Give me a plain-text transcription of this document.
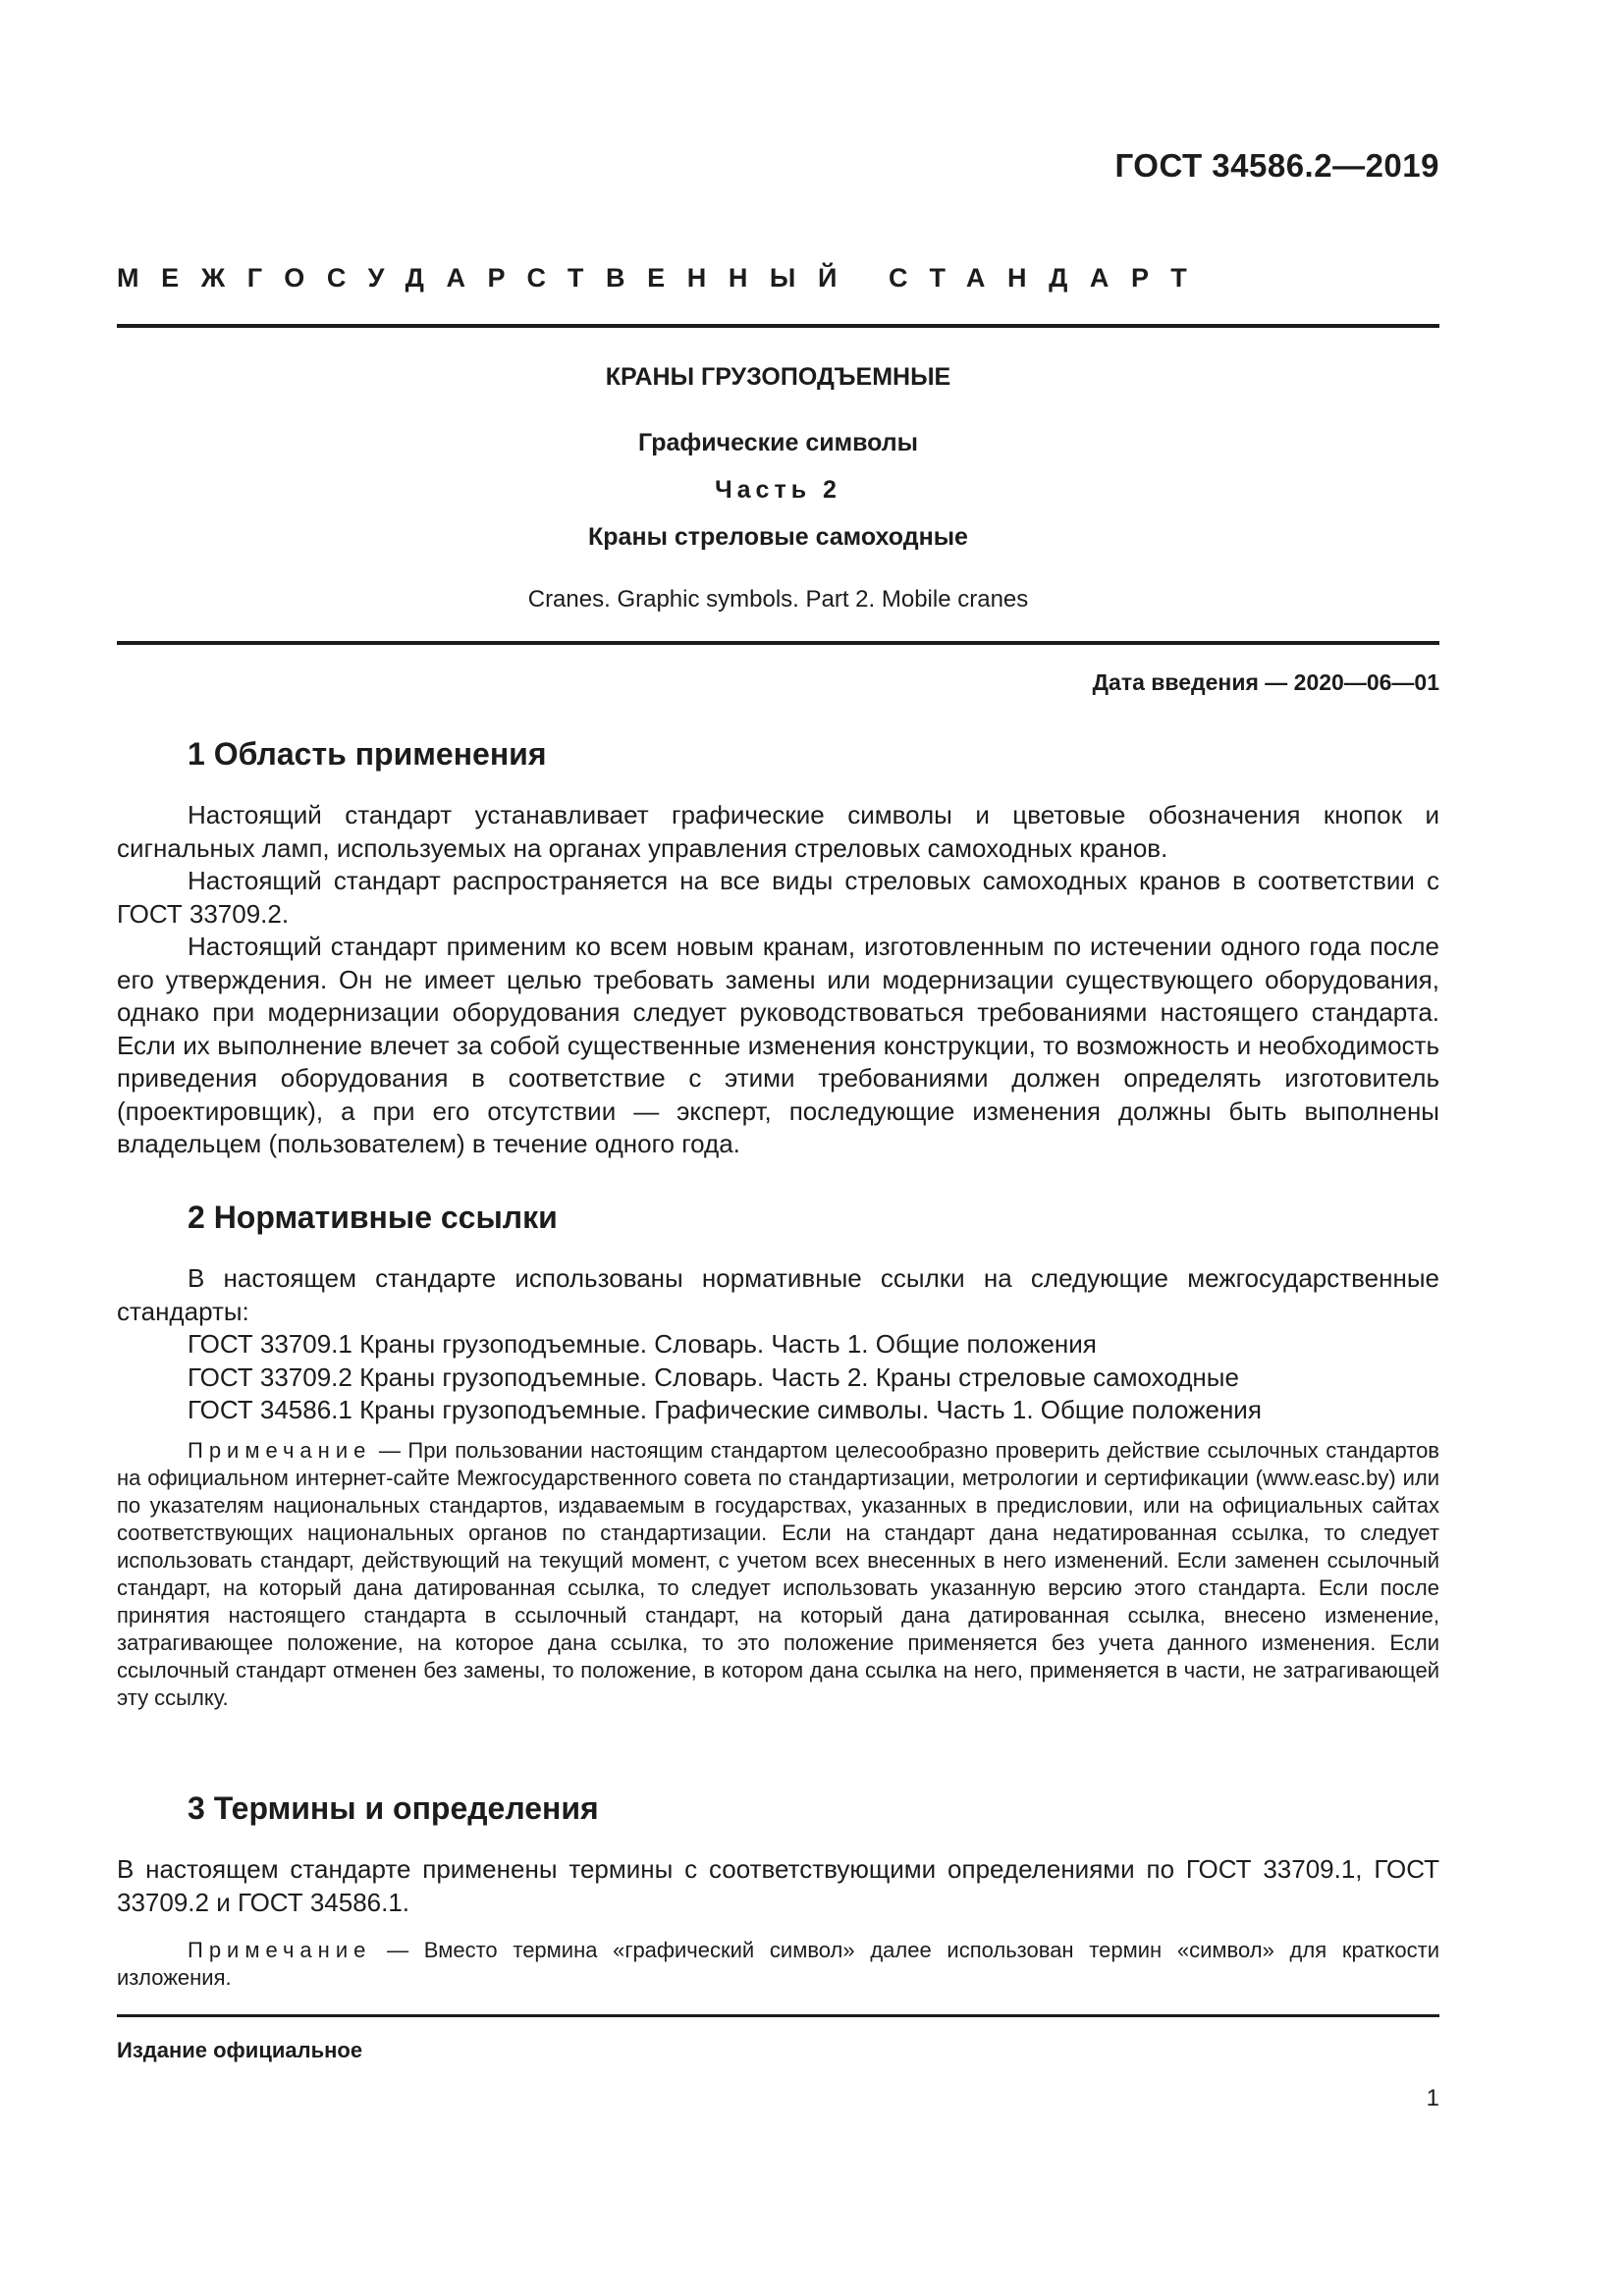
ГОСТ 34586.2—2019

МЕЖГОСУДАРСТВЕННЫЙ СТАНДАРТ

КРАНЫ ГРУЗОПОДЪЕМНЫЕ

Графические символы

Часть 2

Краны стреловые самоходные

Cranes. Graphic symbols. Part 2. Mobile cranes

Дата введения — 2020—06—01
1 Область применения

Настоящий стандарт устанавливает графические символы и цветовые обозначения кнопок и сигнальных ламп, используемых на органах управления стреловых самоходных кранов.

Настоящий стандарт распространяется на все виды стреловых самоходных кранов в соответствии с ГОСТ 33709.2.

Настоящий стандарт применим ко всем новым кранам, изготовленным по истечении одного года после его утверждения. Он не имеет целью требовать замены или модернизации существующего оборудования, однако при модернизации оборудования следует руководствоваться требованиями настоящего стандарта. Если их выполнение влечет за собой существенные изменения конструкции, то возможность и необходимость приведения оборудования в соответствие с этими требованиями должен определять изготовитель (проектировщик), а при его отсутствии — эксперт, последующие изменения должны быть выполнены владельцем (пользователем) в течение одного года.

2 Нормативные ссылки

В настоящем стандарте использованы нормативные ссылки на следующие межгосударственные стандарты:

ГОСТ 33709.1 Краны грузоподъемные. Словарь. Часть 1. Общие положения
ГОСТ 33709.2 Краны грузоподъемные. Словарь. Часть 2. Краны стреловые самоходные
ГОСТ 34586.1 Краны грузоподъемные. Графические символы. Часть 1. Общие положения

Примечание — При пользовании настоящим стандартом целесообразно проверить действие ссылочных стандартов на официальном интернет-сайте Межгосударственного совета по стандартизации, метрологии и сертификации (www.easc.by) или по указателям национальных стандартов, издаваемым в государствах, указанных в предисловии, или на официальных сайтах соответствующих национальных органов по стандартизации. Если на стандарт дана недатированная ссылка, то следует использовать стандарт, действующий на текущий момент, с учетом всех внесенных в него изменений. Если заменен ссылочный стандарт, на который дана датированная ссылка, то следует использовать указанную версию этого стандарта. Если после принятия настоящего стандарта в ссылочный стандарт, на который дана датированная ссылка, внесено изменение, затрагивающее положение, на которое дана ссылка, то это положение применяется без учета данного изменения. Если ссылочный стандарт отменен без замены, то положение, в котором дана ссылка на него, применяется в части, не затрагивающей эту ссылку.

3 Термины и определения

В настоящем стандарте применены термины с соответствующими определениями по ГОСТ 33709.1, ГОСТ 33709.2 и ГОСТ 34586.1.

Примечание — Вместо термина «графический символ» далее использован термин «символ» для краткости изложения.

Издание официальное

1
